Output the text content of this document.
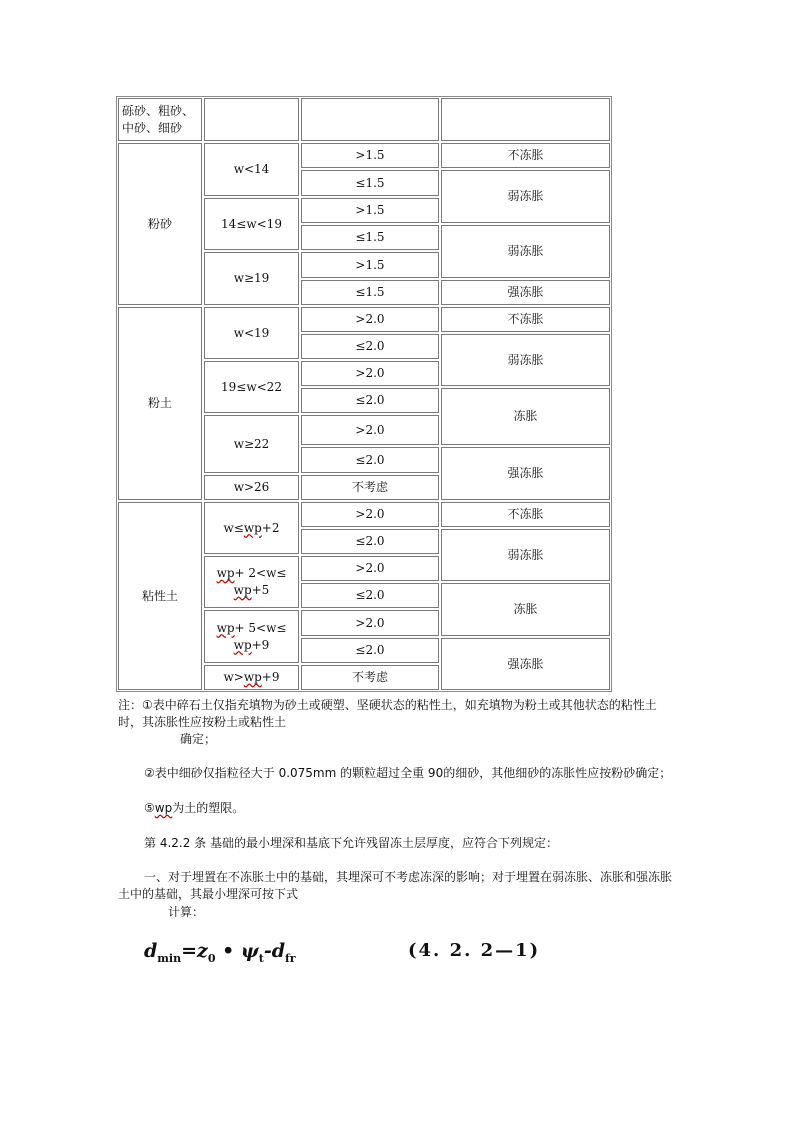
砾砂、粗砂、中砂、细砂
粉砂
w<14
14≤w<19
w≥19
>1.5
≤1.5
>1.5
≤1.5
>1.5
≤1.5
不冻胀
弱冻胀
弱冻胀
强冻胀
粉土
w<19
19≤w<22
w≥22
w>26
>2.0
≤2.0
>2.0
≤2.0
>2.0
≤2.0
不考虑
不冻胀
弱冻胀
冻胀
强冻胀
粘性土
w≤wp+2
wp+ 2<w≤
wp+5
wp+ 5<w≤
wp+9
w>wp+9
>2.0
≤2.0
>2.0
≤2.0
>2.0
≤2.0
不考虑
不冻胀
弱冻胀
冻胀
强冻胀
注：①表中碎石土仅指充填物为砂土或硬塑、坚硬状态的粘性土，如充填物为粉土或其他状态的粘性土
时，其冻胀性应按粉土或粘性土
确定；
②表中细砂仅指粒径大于 0.075mm 的颗粒超过全重 90的细砂，其他细砂的冻胀性应按粉砂确定；
⑤wp为土的塑限。
第 4.2.2 条 基础的最小埋深和基底下允许残留冻土层厚度，应符合下列规定：
一、对于埋置在不冻胀土中的基础，其埋深可不考虑冻深的影响；对于埋置在弱冻胀、冻胀和强冻胀
土中的基础，其最小埋深可按下式
计算：
$d_{min}=z_0$ • $\psi_t-d_{fr}$	(4. 2. 2—1)
